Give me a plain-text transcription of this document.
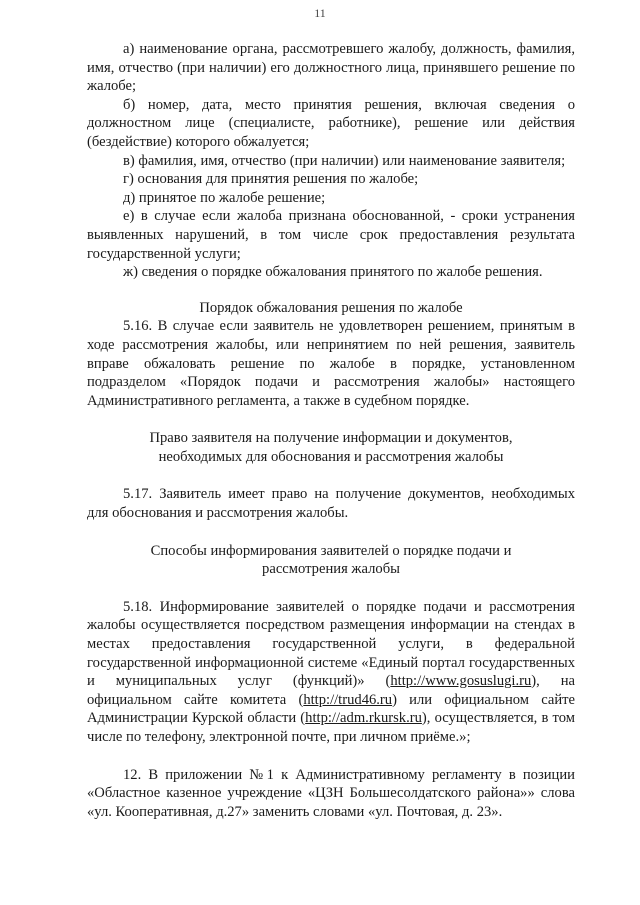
11

а) наименование органа, рассмотревшего жалобу, должность, фамилия, имя, отчество (при наличии) его должностного лица, принявшего решение по жалобе;

б) номер, дата, место принятия решения, включая сведения о должностном лице (специалисте, работнике), решение или действия (бездействие) которого обжалуется;

в) фамилия, имя, отчество (при наличии) или наименование заявителя;

г) основания для принятия решения по жалобе;

д) принятое по жалобе решение;

е) в случае если жалоба признана обоснованной, - сроки устранения выявленных нарушений, в том числе срок предоставления результата государственной услуги;

ж) сведения о порядке обжалования принятого по жалобе решения.

Порядок обжалования решения по жалобе

5.16. В случае если заявитель не удовлетворен решением, принятым в ходе рассмотрения жалобы, или непринятием по ней решения, заявитель вправе обжаловать решение по жалобе в порядке, установленном подразделом «Порядок подачи и рассмотрения жалобы» настоящего Административного регламента, а также в судебном порядке.

Право заявителя на получение информации и документов,
необходимых для обоснования и рассмотрения жалобы

5.17. Заявитель имеет право на получение документов, необходимых для обоснования и рассмотрения жалобы.

Способы информирования заявителей о порядке подачи и
рассмотрения жалобы

5.18. Информирование заявителей о порядке подачи и рассмотрения жалобы осуществляется посредством размещения информации на стендах в местах предоставления государственной услуги, в федеральной государственной информационной системе «Единый портал государственных и муниципальных услуг (функций)» (http://www.gosuslugi.ru), на официальном сайте комитета (http://trud46.ru) или официальном сайте Администрации Курской области (http://adm.rkursk.ru), осуществляется, в том числе по телефону, электронной почте, при личном приёме.»;

12. В приложении №1 к Административному регламенту в позиции «Областное казенное учреждение «ЦЗН Большесолдатского района»» слова «ул. Кооперативная, д.27» заменить словами «ул. Почтовая, д. 23».
